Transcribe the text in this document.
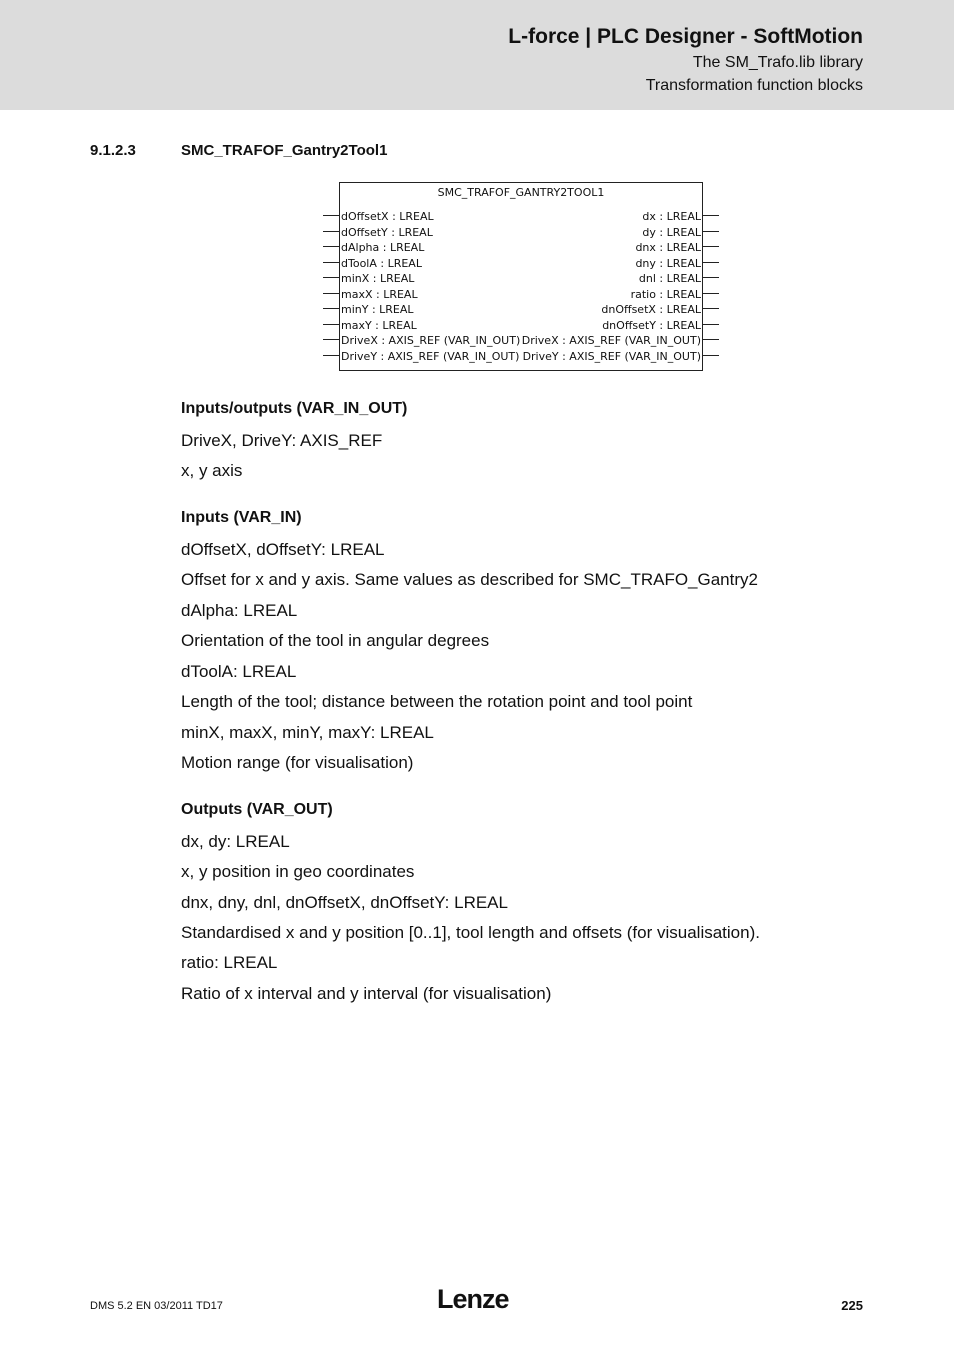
L-force | PLC Designer - SoftMotion
The SM_Trafo.lib library
Transformation function blocks
9.1.2.3	SMC_TRAFOF_Gantry2Tool1
SMC_TRAFOF_GANTRY2TOOL1
dOffsetX : LREAL
dOffsetY : LREAL
dAlpha : LREAL
dToolA : LREAL
minX : LREAL
maxX : LREAL
minY : LREAL
maxY : LREAL
DriveX : AXIS_REF (VAR_IN_OUT)
DriveY : AXIS_REF (VAR_IN_OUT)
dx : LREAL
dy : LREAL
dnx : LREAL
dny : LREAL
dnl : LREAL
ratio : LREAL
dnOffsetX : LREAL
dnOffsetY : LREAL
DriveX : AXIS_REF (VAR_IN_OUT)
DriveY : AXIS_REF (VAR_IN_OUT)
Inputs/outputs (VAR_IN_OUT)
DriveX, DriveY: AXIS_REF
x, y axis
Inputs (VAR_IN)
dOffsetX, dOffsetY: LREAL
Offset for x and y axis. Same values as described for SMC_TRAFO_Gantry2
dAlpha: LREAL
Orientation of the tool in angular degrees
dToolA: LREAL
Length of the tool; distance between the rotation point and tool point
minX, maxX, minY, maxY: LREAL
Motion range (for visualisation)
Outputs (VAR_OUT)
dx, dy: LREAL
x, y position in geo coordinates
dnx, dny, dnl, dnOffsetX, dnOffsetY: LREAL
Standardised x and y position [0..1], tool length and offsets (for visualisation).
ratio: LREAL
Ratio of x interval and y interval (for visualisation)
DMS 5.2 EN 03/2011 TD17	Lenze	225
